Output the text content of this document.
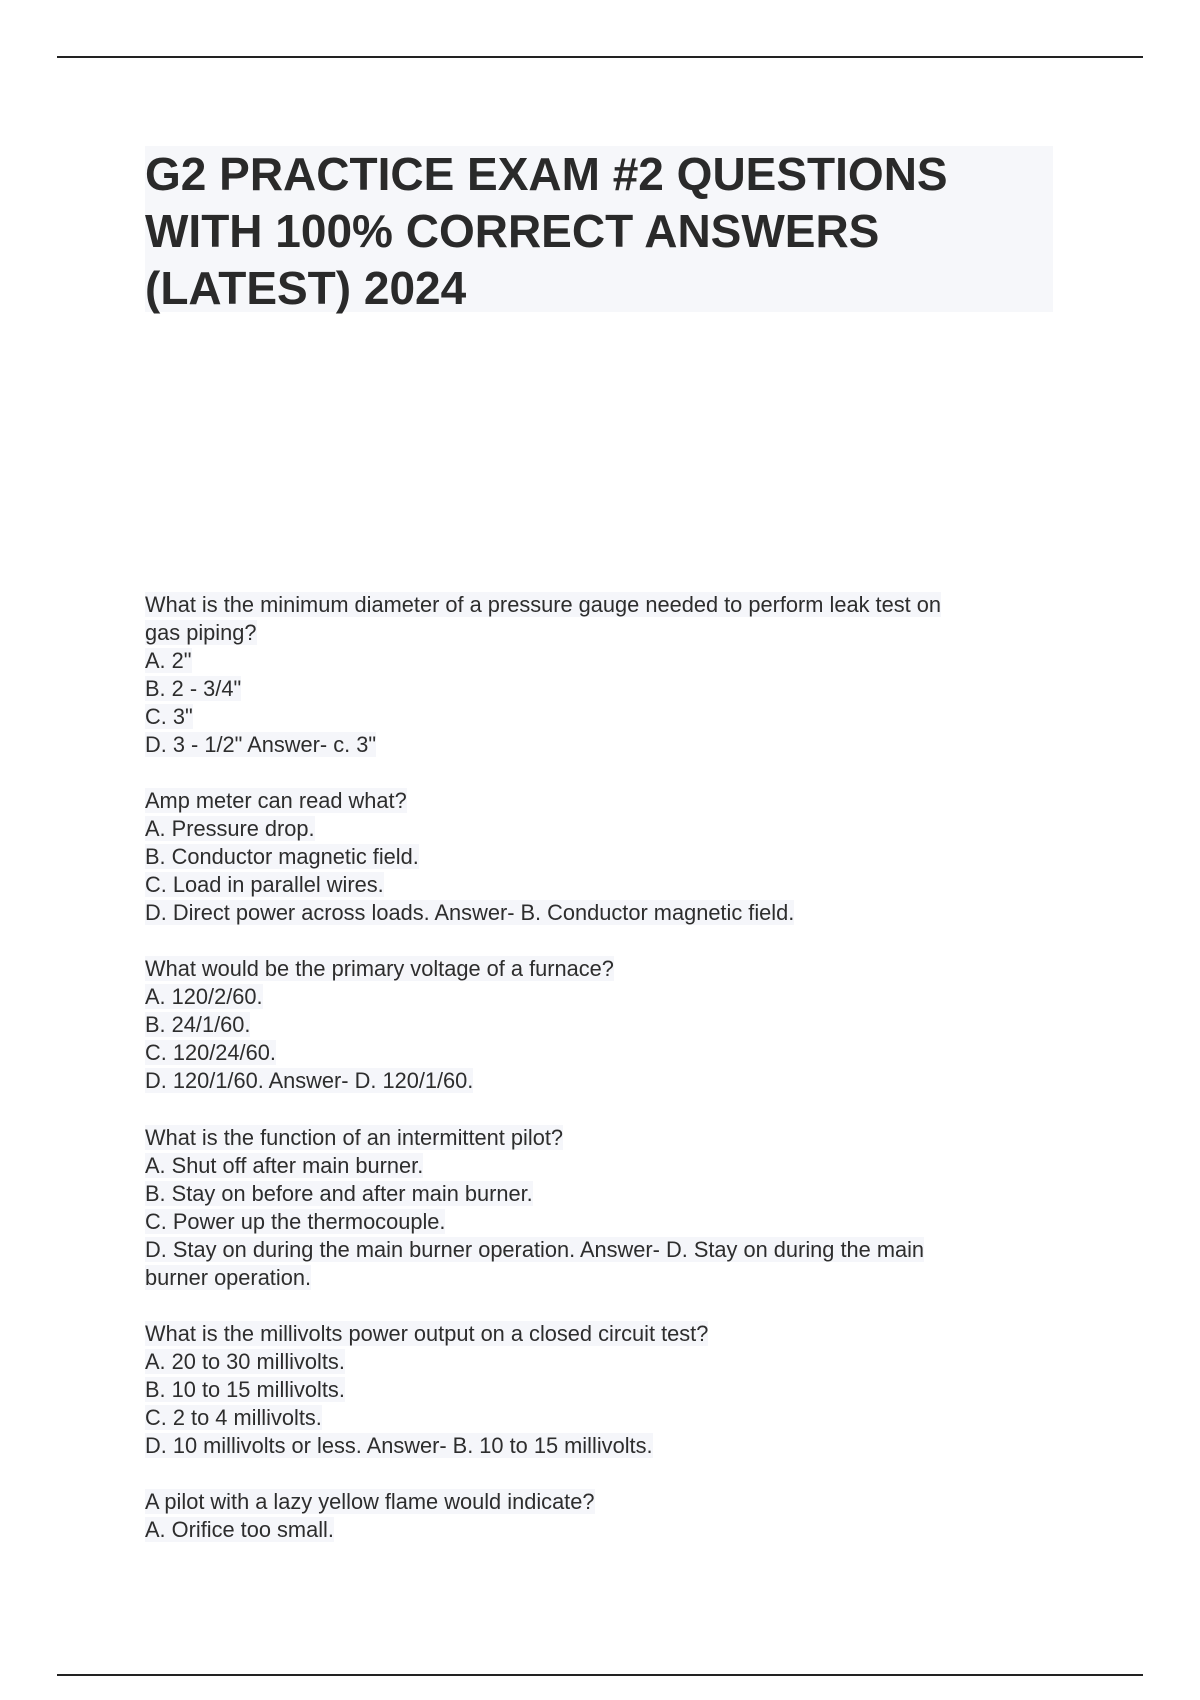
G2 PRACTICE EXAM #2 QUESTIONS
WITH 100% CORRECT ANSWERS
(LATEST) 2024
What is the minimum diameter of a pressure gauge needed to perform leak test on
gas piping?
A. 2"
B. 2 - 3/4"
C. 3"
D. 3 - 1/2" Answer- c. 3"
Amp meter can read what?
A. Pressure drop.
B. Conductor magnetic field.
C. Load in parallel wires.
D. Direct power across loads. Answer- B. Conductor magnetic field.
What would be the primary voltage of a furnace?
A. 120/2/60.
B. 24/1/60.
C. 120/24/60.
D. 120/1/60. Answer- D. 120/1/60.
What is the function of an intermittent pilot?
A. Shut off after main burner.
B. Stay on before and after main burner.
C. Power up the thermocouple.
D. Stay on during the main burner operation. Answer- D. Stay on during the main
burner operation.
What is the millivolts power output on a closed circuit test?
A. 20 to 30 millivolts.
B. 10 to 15 millivolts.
C. 2 to 4 millivolts.
D. 10 millivolts or less. Answer- B. 10 to 15 millivolts.
A pilot with a lazy yellow flame would indicate?
A. Orifice too small.
